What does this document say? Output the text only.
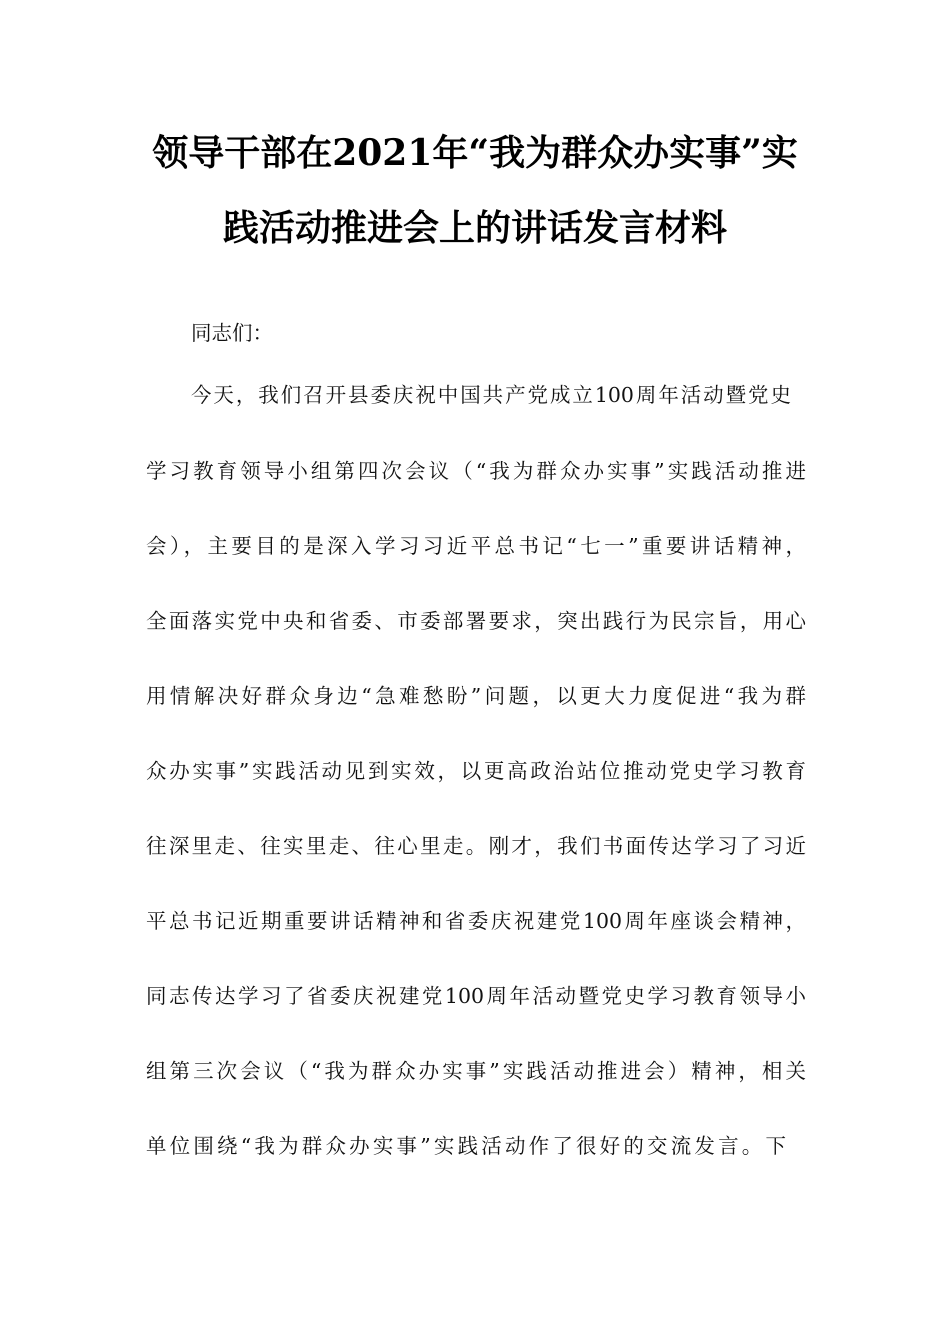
领导干部在2021年“我为群众办实事”实
践活动推进会上的讲话发言材料
同志们：
今天，我们召开县委庆祝中国共产党成立100周年活动暨党史
学习教育领导小组第四次会议（“我为群众办实事”实践活动推进
会），主要目的是深入学习习近平总书记“七一”重要讲话精神，
全面落实党中央和省委、市委部署要求，突出践行为民宗旨，用心
用情解决好群众身边“急难愁盼”问题，以更大力度促进“我为群
众办实事”实践活动见到实效，以更高政治站位推动党史学习教育
往深里走、往实里走、往心里走。刚才，我们书面传达学习了习近
平总书记近期重要讲话精神和省委庆祝建党100周年座谈会精神，
同志传达学习了省委庆祝建党100周年活动暨党史学习教育领导小
组第三次会议（“我为群众办实事”实践活动推进会）精神，相关
单位围绕“我为群众办实事”实践活动作了很好的交流发言。下
